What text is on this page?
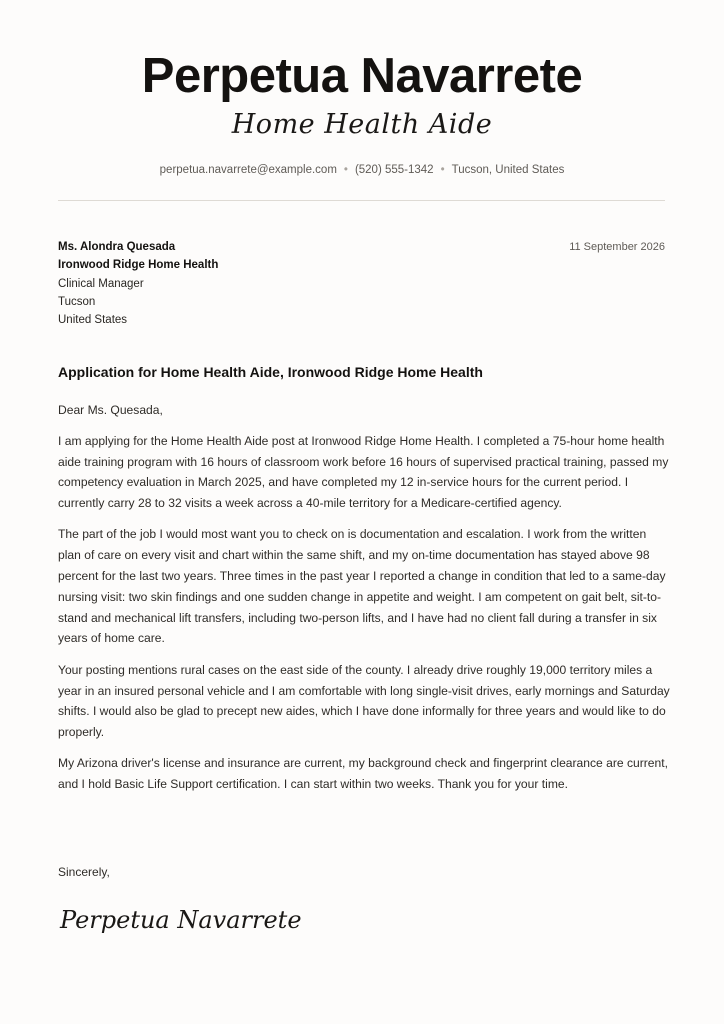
Perpetua Navarrete
Home Health Aide
perpetua.navarrete@example.com • (520) 555-1342 • Tucson, United States
Ms. Alondra Quesada
Ironwood Ridge Home Health
Clinical Manager
Tucson
United States
11 September 2026
Application for Home Health Aide, Ironwood Ridge Home Health

Dear Ms. Quesada,

I am applying for the Home Health Aide post at Ironwood Ridge Home Health. I completed a 75-hour home health aide training program with 16 hours of classroom work before 16 hours of supervised practical training, passed my competency evaluation in March 2025, and have completed my 12 in-service hours for the current period. I currently carry 28 to 32 visits a week across a 40-mile territory for a Medicare-certified agency.

The part of the job I would most want you to check on is documentation and escalation. I work from the written plan of care on every visit and chart within the same shift, and my on-time documentation has stayed above 98 percent for the last two years. Three times in the past year I reported a change in condition that led to a same-day nursing visit: two skin findings and one sudden change in appetite and weight. I am competent on gait belt, sit-to-stand and mechanical lift transfers, including two-person lifts, and I have had no client fall during a transfer in six years of home care.

Your posting mentions rural cases on the east side of the county. I already drive roughly 19,000 territory miles a year in an insured personal vehicle and I am comfortable with long single-visit drives, early mornings and Saturday shifts. I would also be glad to precept new aides, which I have done informally for three years and would like to do properly.

My Arizona driver's license and insurance are current, my background check and fingerprint clearance are current, and I hold Basic Life Support certification. I can start within two weeks. Thank you for your time.

Sincerely,
Perpetua Navarrete
